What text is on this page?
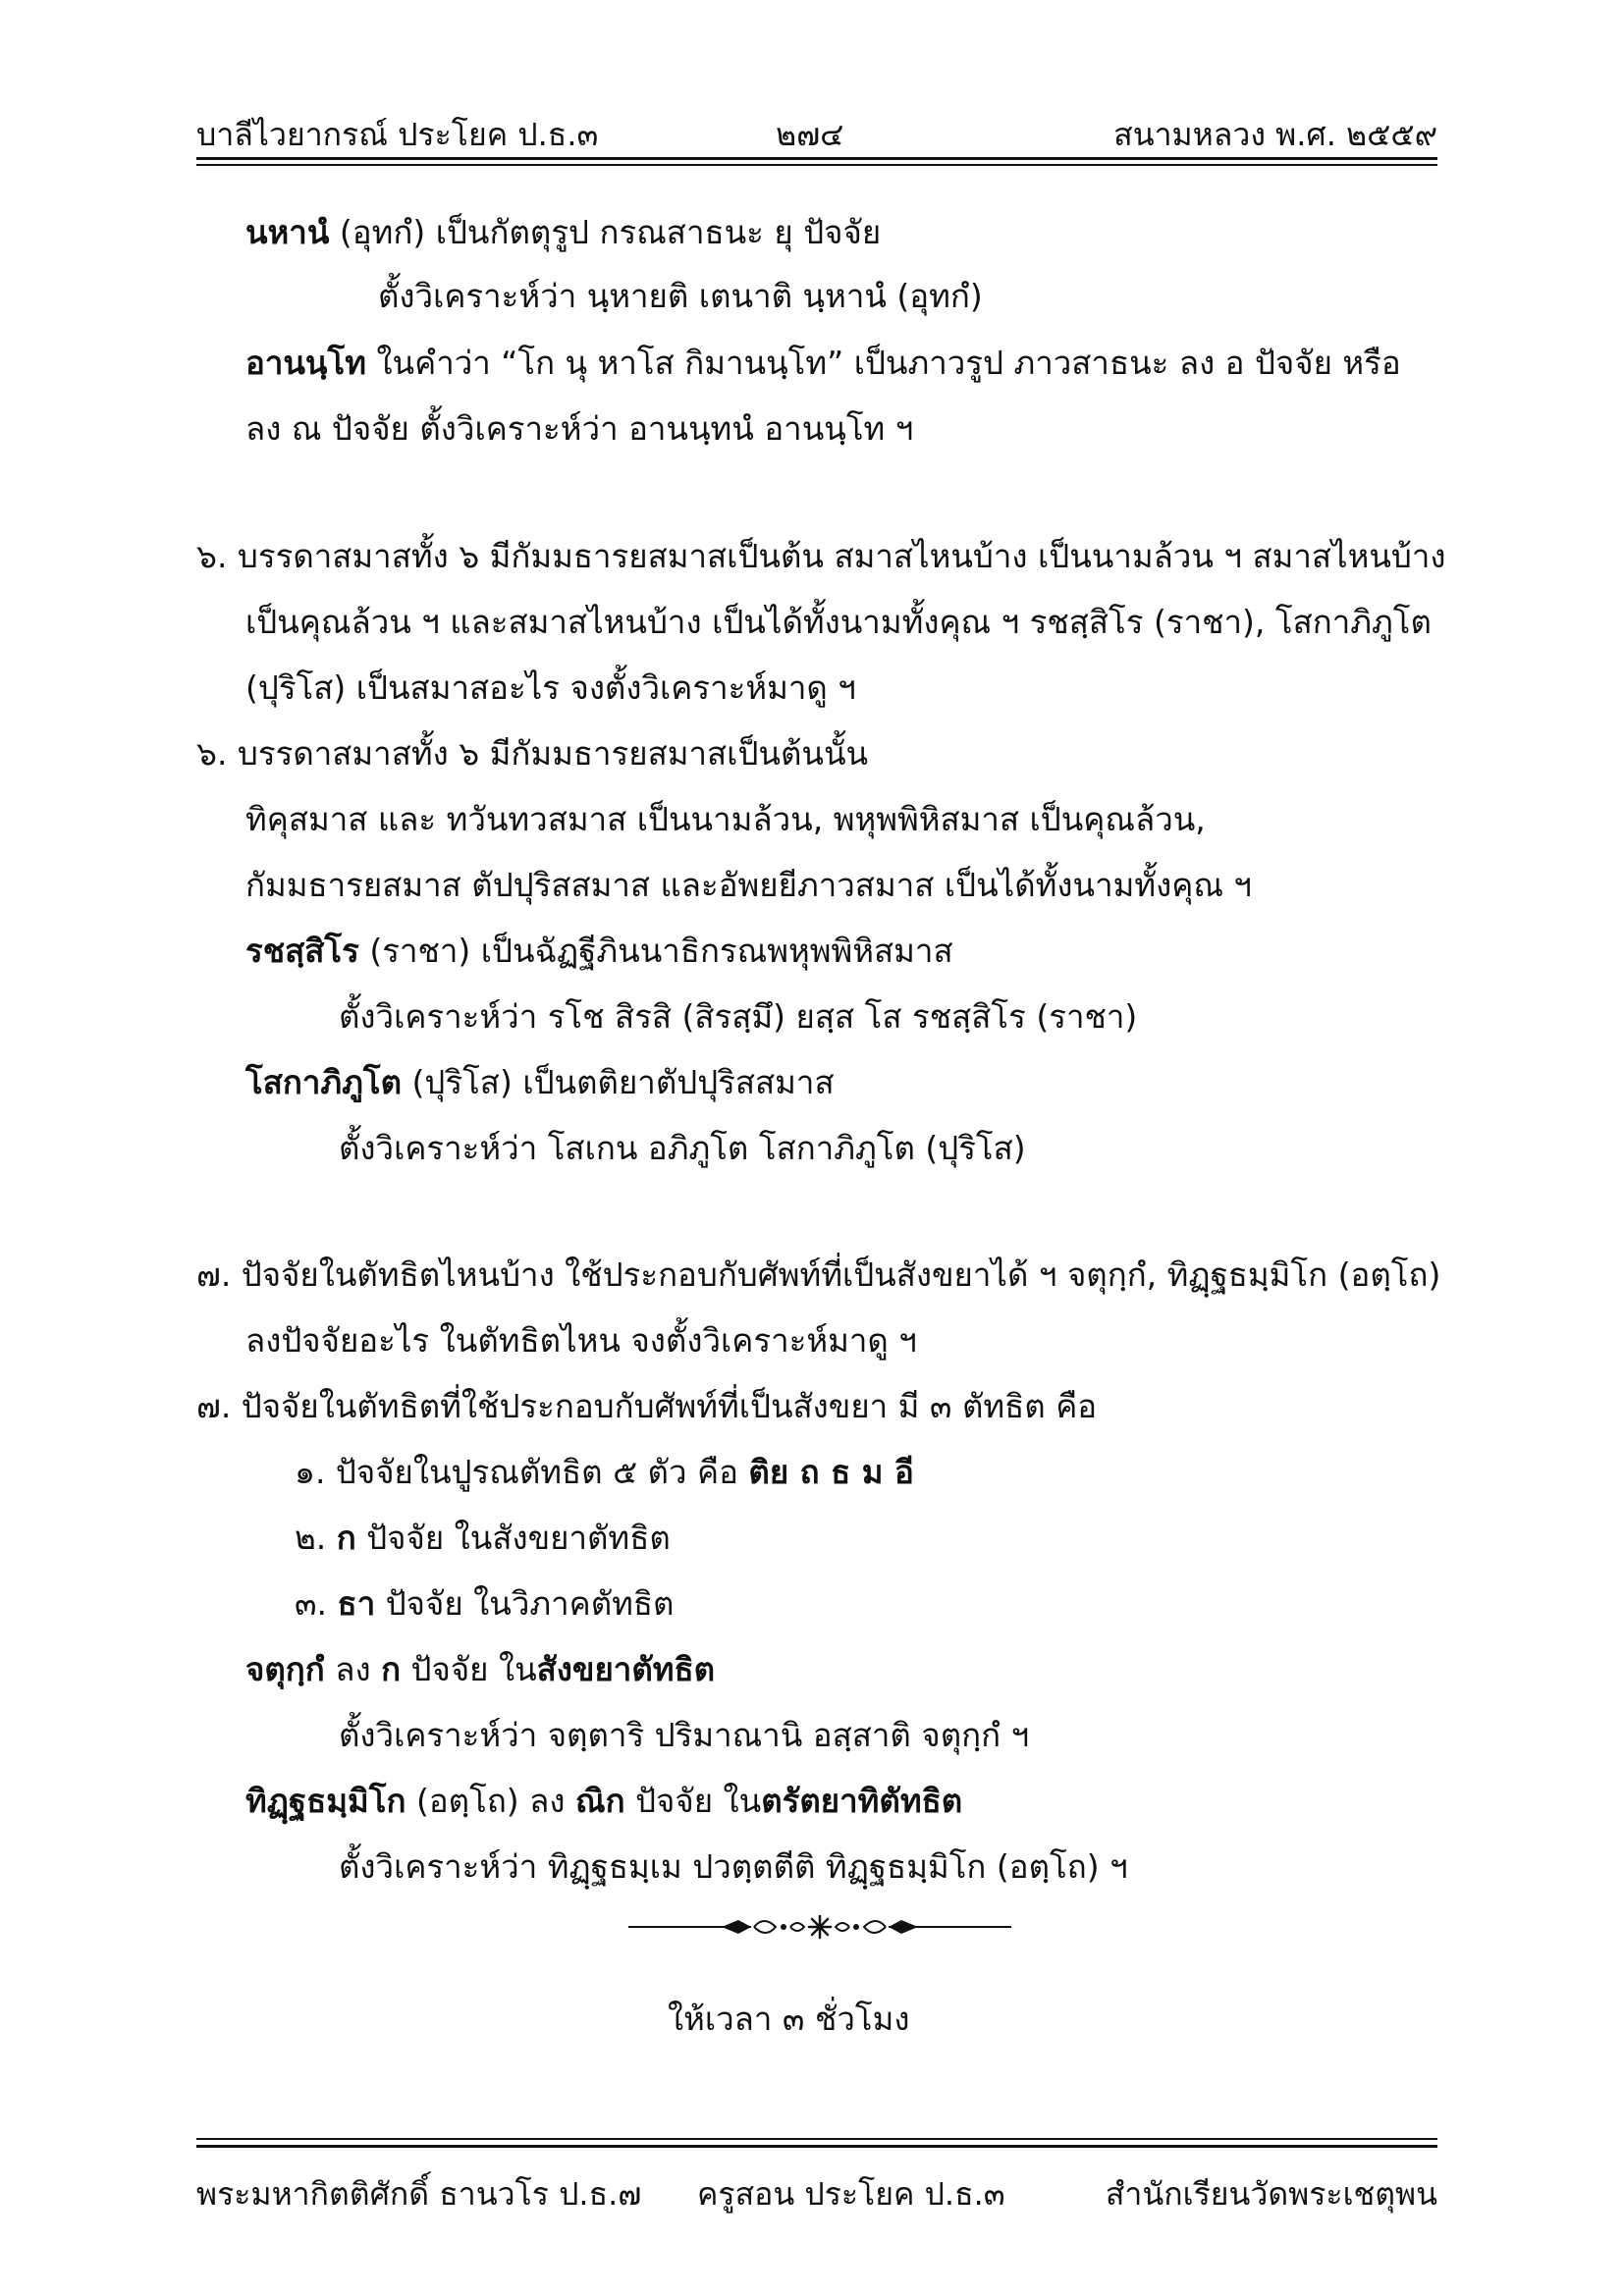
บาลีไวยากรณ์ ประโยค ป.ธ.๓	๒๗๔	สนามหลวง พ.ศ. ๒๕๕๙
นหานํ (อุทกํ) เป็นกัตตุรูป กรณสาธนะ ยุ ปัจจัย
ตั้งวิเคราะห์ว่า นฺหายติ เตนาติ นฺหานํ (อุทกํ)
อานนฺโท ในคำว่า “โก นุ หาโส กิมานนฺโท” เป็นภาวรูป ภาวสาธนะ ลง อ ปัจจัย หรือ
ลง ณ ปัจจัย ตั้งวิเคราะห์ว่า อานนฺทนํ อานนฺโท ฯ
๖. บรรดาสมาสทั้ง ๖ มีกัมมธารยสมาสเป็นต้น สมาสไหนบ้าง เป็นนามล้วน ฯ สมาสไหนบ้าง
เป็นคุณล้วน ฯ และสมาสไหนบ้าง เป็นได้ทั้งนามทั้งคุณ ฯ รชสฺสิโร (ราชา), โสกาภิภูโต
(ปุริโส) เป็นสมาสอะไร จงตั้งวิเคราะห์มาดู ฯ
๖. บรรดาสมาสทั้ง ๖ มีกัมมธารยสมาสเป็นต้นนั้น
ทิคุสมาส และ ทวันทวสมาส เป็นนามล้วน, พหุพพิหิสมาส เป็นคุณล้วน,
กัมมธารยสมาส ตัปปุริสสมาส และอัพยยีภาวสมาส เป็นได้ทั้งนามทั้งคุณ ฯ
รชสฺสิโร (ราชา) เป็นฉัฏฐีภินนาธิกรณพหุพพิหิสมาส
ตั้งวิเคราะห์ว่า รโช สิรสิ (สิรสฺมึ) ยสฺส โส รชสฺสิโร (ราชา)
โสกาภิภูโต (ปุริโส) เป็นตติยาตัปปุริสสมาส
ตั้งวิเคราะห์ว่า โสเกน อภิภูโต โสกาภิภูโต (ปุริโส)
๗. ปัจจัยในตัทธิตไหนบ้าง ใช้ประกอบกับศัพท์ที่เป็นสังขยาได้ ฯ จตุกฺกํ, ทิฏฺฐธมฺมิโก (อตฺโถ)
ลงปัจจัยอะไร ในตัทธิตไหน จงตั้งวิเคราะห์มาดู ฯ
๗. ปัจจัยในตัทธิตที่ใช้ประกอบกับศัพท์ที่เป็นสังขยา มี ๓ ตัทธิต คือ
๑. ปัจจัยในปูรณตัทธิต ๕ ตัว คือ ติย ถ ธ ม อี
๒. ก ปัจจัย ในสังขยาตัทธิต
๓. ธา ปัจจัย ในวิภาคตัทธิต
จตุกฺกํ ลง ก ปัจจัย ในสังขยาตัทธิต
ตั้งวิเคราะห์ว่า จตฺตาริ ปริมาณานิ อสฺสาติ จตุกฺกํ ฯ
ทิฏฺฐธมฺมิโก (อตฺโถ) ลง ณิก ปัจจัย ในตรัตยาทิตัทธิต
ตั้งวิเคราะห์ว่า ทิฏฺฐธมฺเม ปวตฺตตีติ ทิฏฺฐธมฺมิโก (อตฺโถ) ฯ
ให้เวลา ๓ ชั่วโมง
พระมหากิตติศักดิ์ ธานวโร ป.ธ.๗ ครูสอน ประโยค ป.ธ.๓	สำนักเรียนวัดพระเชตุพน
